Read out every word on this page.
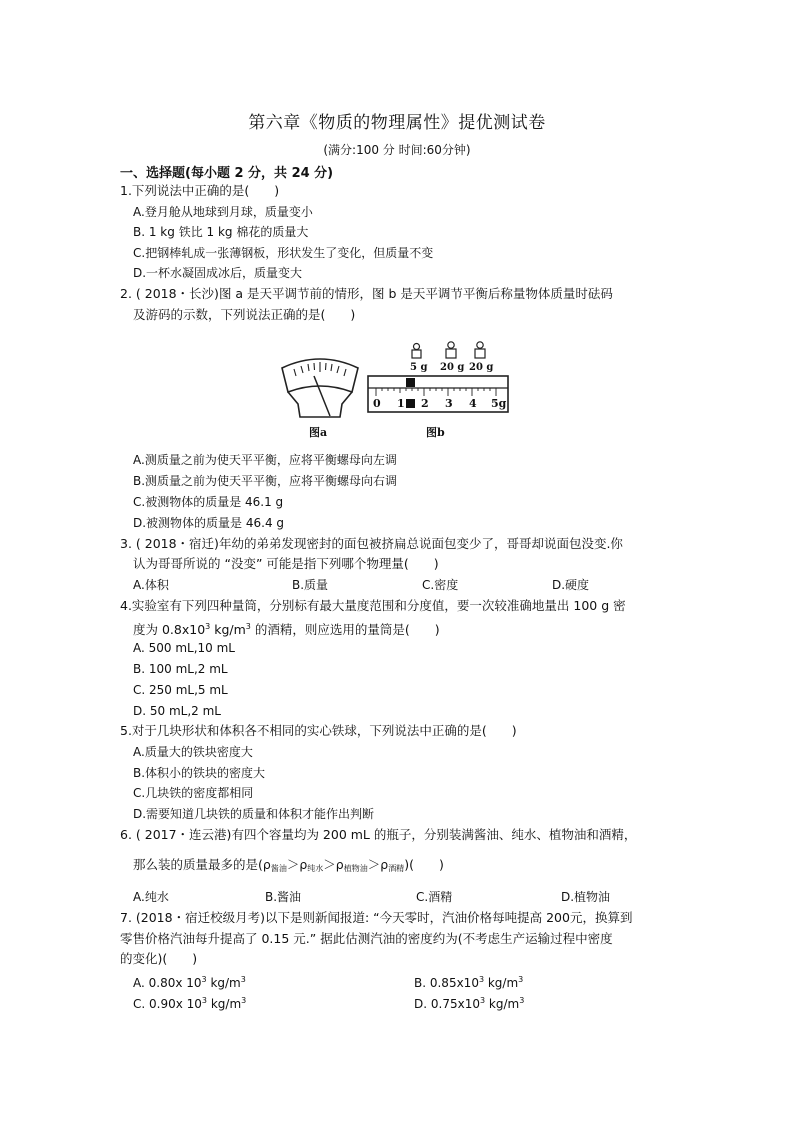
第六章《物质的物理属性》提优测试卷
(满分:100 分 时间:60分钟)
一、选择题(每小题 2 分，共 24 分)
1.下列说法中正确的是(　　)
A.登月舱从地球到月球，质量变小
B. 1 kg 铁比 1 kg 棉花的质量大
C.把钢棒轧成一张薄钢板，形状发生了变化，但质量不变
D.一杯水凝固成冰后，质量变大
2. ( 2018・长沙)图 a 是天平调节前的情形，图 b 是天平调节平衡后称量物体质量时砝码
及游码的示数，下列说法正确的是(　　)
图a
5 g 20 g 20 g
0 1 2 3 4 5g
图b
A.测质量之前为使天平平衡，应将平衡螺母向左调
B.测质量之前为使天平平衡，应将平衡螺母向右调
C.被测物体的质量是 46.1 g
D.被测物体的质量是 46.4 g
3. ( 2018・宿迁)年幼的弟弟发现密封的面包被挤扁总说面包变少了，哥哥却说面包没变.你
认为哥哥所说的 “没变” 可能是指下列哪个物理量(　　)
A.体积	B.质量	C.密度	D.硬度
4.实验室有下列四种量筒，分别标有最大量度范围和分度值，要一次较准确地量出 100 g 密
度为 $0.8x10^3$ $kg/m^3$ 的酒精，则应选用的量筒是(　　)
A. 500 mL,10 mL
B. 100 mL,2 mL
C. 250 mL,5 mL
D. 50 mL,2 mL
5.对于几块形状和体积各不相同的实心铁球，下列说法中正确的是(　　)
A.质量大的铁块密度大
B.体积小的铁块的密度大
C.几块铁的密度都相同
D.需要知道几块铁的质量和体积才能作出判断
6. ( 2017・连云港)有四个容量均为 200 mL 的瓶子，分别装满酱油、纯水、植物油和酒精，
那么装的质量最多的是$(\rho_{酱油}>\rho_{纯水}>\rho_{植物油}>\rho_{酒精})$(　　)
A.纯水	B.酱油	C.酒精	D.植物油
7. (2018・宿迁校级月考)以下是则新闻报道: “今天零时，汽油价格每吨提高 200元，换算到
零售价格汽油每升提高了 0.15 元.” 据此估测汽油的密度约为(不考虑生产运输过程中密度
的变化)(　　)
A. 0.80x $10^3$ $kg/m^3$	B. $0.85x10^3$ $kg/m^3$
C. 0.90x $10^3$ $kg/m^3$	D. $0.75x10^3$ $kg/m^3$
